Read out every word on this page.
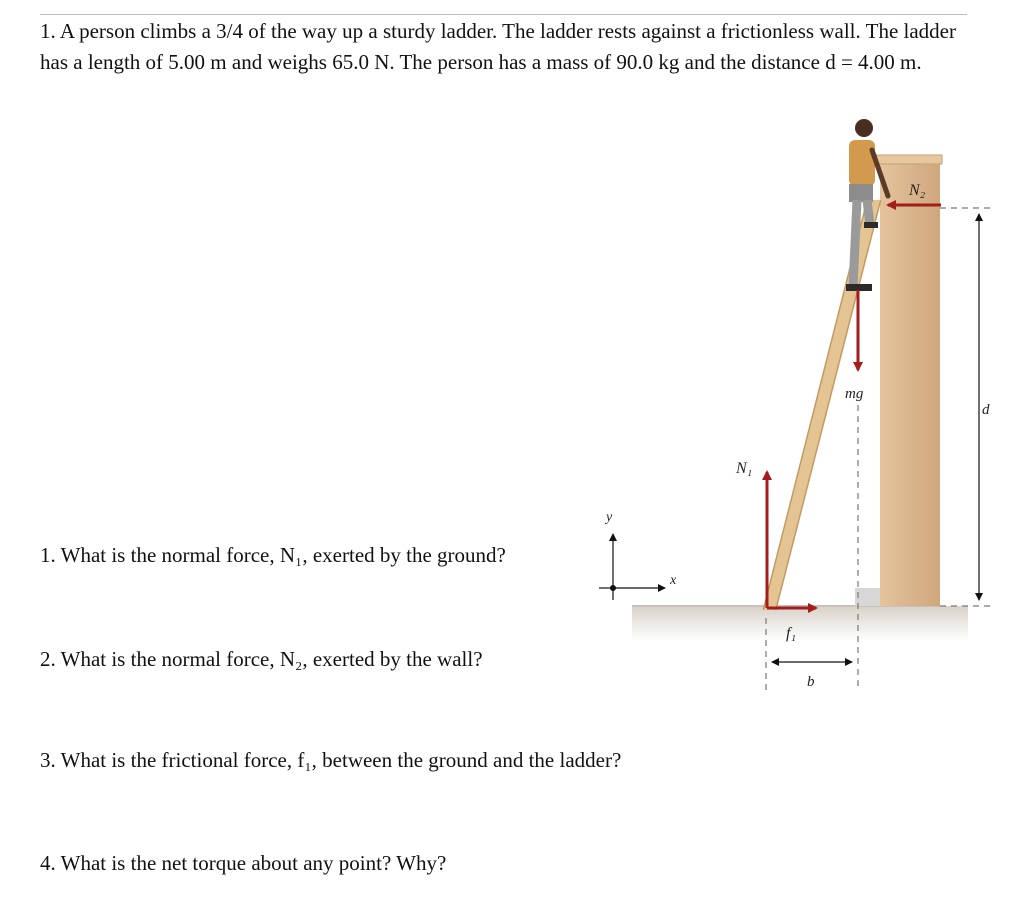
1. A person climbs a 3/4 of the way up a sturdy ladder. The ladder rests against a frictionless wall. The ladder has a length of 5.00 m and weighs 65.0 N. The person has a mass of 90.0 kg and the distance d = 4.00 m.

1. What is the normal force, N₁, exerted by the ground?

2. What is the normal force, N₂, exerted by the wall?

3. What is the frictional force, f₁, between the ground and the ladder?

4. What is the net torque about any point? Why?

N₂
mg
N₁
f₁
b
d
y
x
